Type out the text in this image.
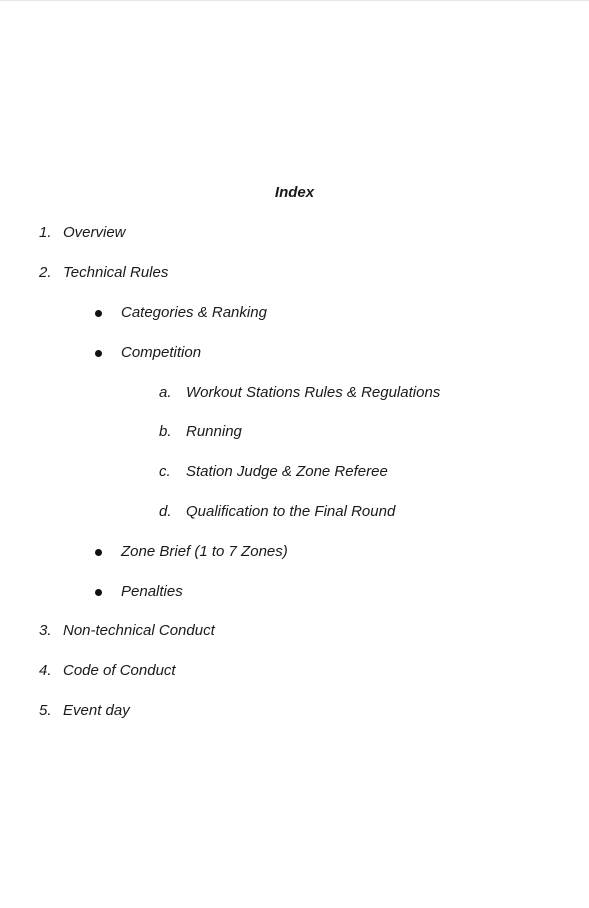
Index
1. Overview
2. Technical Rules
Categories & Ranking
Competition
a. Workout Stations Rules & Regulations
b. Running
c. Station Judge & Zone Referee
d. Qualification to the Final Round
Zone Brief (1 to 7 Zones)
Penalties
3. Non-technical Conduct
4. Code of Conduct
5. Event day
